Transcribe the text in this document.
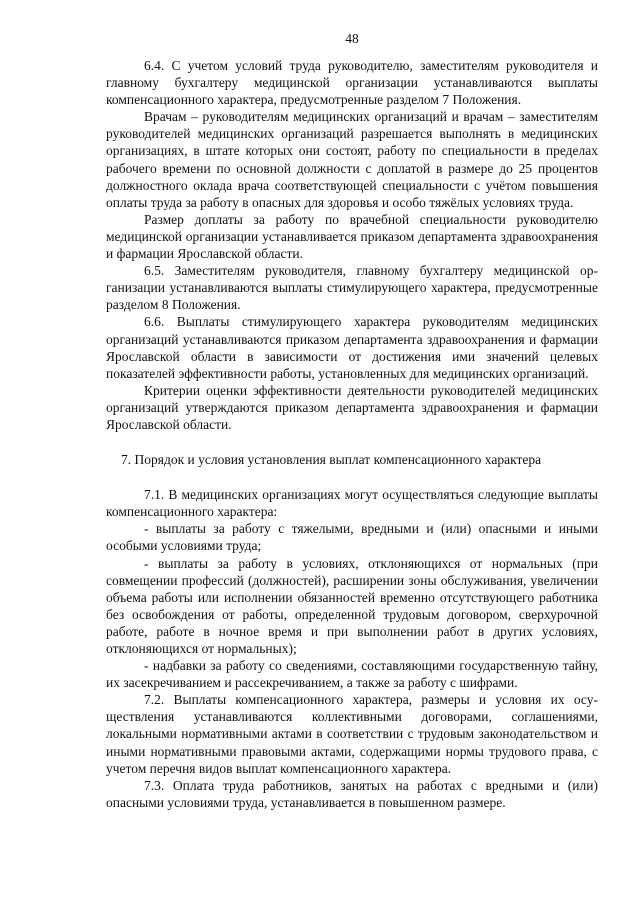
48

6.4. С учетом условий труда руководителю, заместителям руководителя и главному бухгалтеру медицинской организации устанавливаются выплаты компенсационного характера, предусмотренные разделом 7 Положения.

Врачам – руководителям медицинских организаций и врачам – заместителям руководителей медицинских организаций разрешается выполнять в медицинских организациях, в штате которых они состоят, работу по специальности в пределах рабочего времени по основной должности с доплатой в размере до 25 процентов должностного оклада врача соответствующей специальности с учётом повышения оплаты труда за работу в опасных для здоровья и особо тяжёлых условиях труда.

Размер доплаты за работу по врачебной специальности руководителю медицинской организации устанавливается приказом департамента здравоохранения и фармации Ярославской области.

6.5. Заместителям руководителя, главному бухгалтеру медицинской организации устанавливаются выплаты стимулирующего характера, предусмотренные разделом 8 Положения.

6.6. Выплаты стимулирующего характера руководителям медицинских организаций устанавливаются приказом департамента здравоохранения и фармации Ярославской области в зависимости от достижения ими значений целевых показателей эффективности работы, установленных для медицинских организаций.

Критерии оценки эффективности деятельности руководителей медицинских организаций утверждаются приказом департамента здравоохранения и фармации Ярославской области.

7. Порядок и условия установления выплат компенсационного характера

7.1. В медицинских организациях могут осуществляться следующие выплаты компенсационного характера:

- выплаты за работу с тяжелыми, вредными и (или) опасными и иными особыми условиями труда;

- выплаты за работу в условиях, отклоняющихся от нормальных (при совмещении профессий (должностей), расширении зоны обслуживания, увеличении объема работы или исполнении обязанностей временно отсутствующего работника без освобождения от работы, определенной трудовым договором, сверхурочной работе, работе в ночное время и при выполнении работ в других условиях, отклоняющихся от нормальных);

- надбавки за работу со сведениями, составляющими государственную тайну, их засекречиванием и рассекречиванием, а также за работу с шифрами.

7.2. Выплаты компенсационного характера, размеры и условия их осуществления устанавливаются коллективными договорами, соглашениями, локальными нормативными актами в соответствии с трудовым законодательством и иными нормативными правовыми актами, содержащими нормы трудового права, с учетом перечня видов выплат компенсационного характера.

7.3. Оплата труда работников, занятых на работах с вредными и (или) опасными условиями труда, устанавливается в повышенном размере.
